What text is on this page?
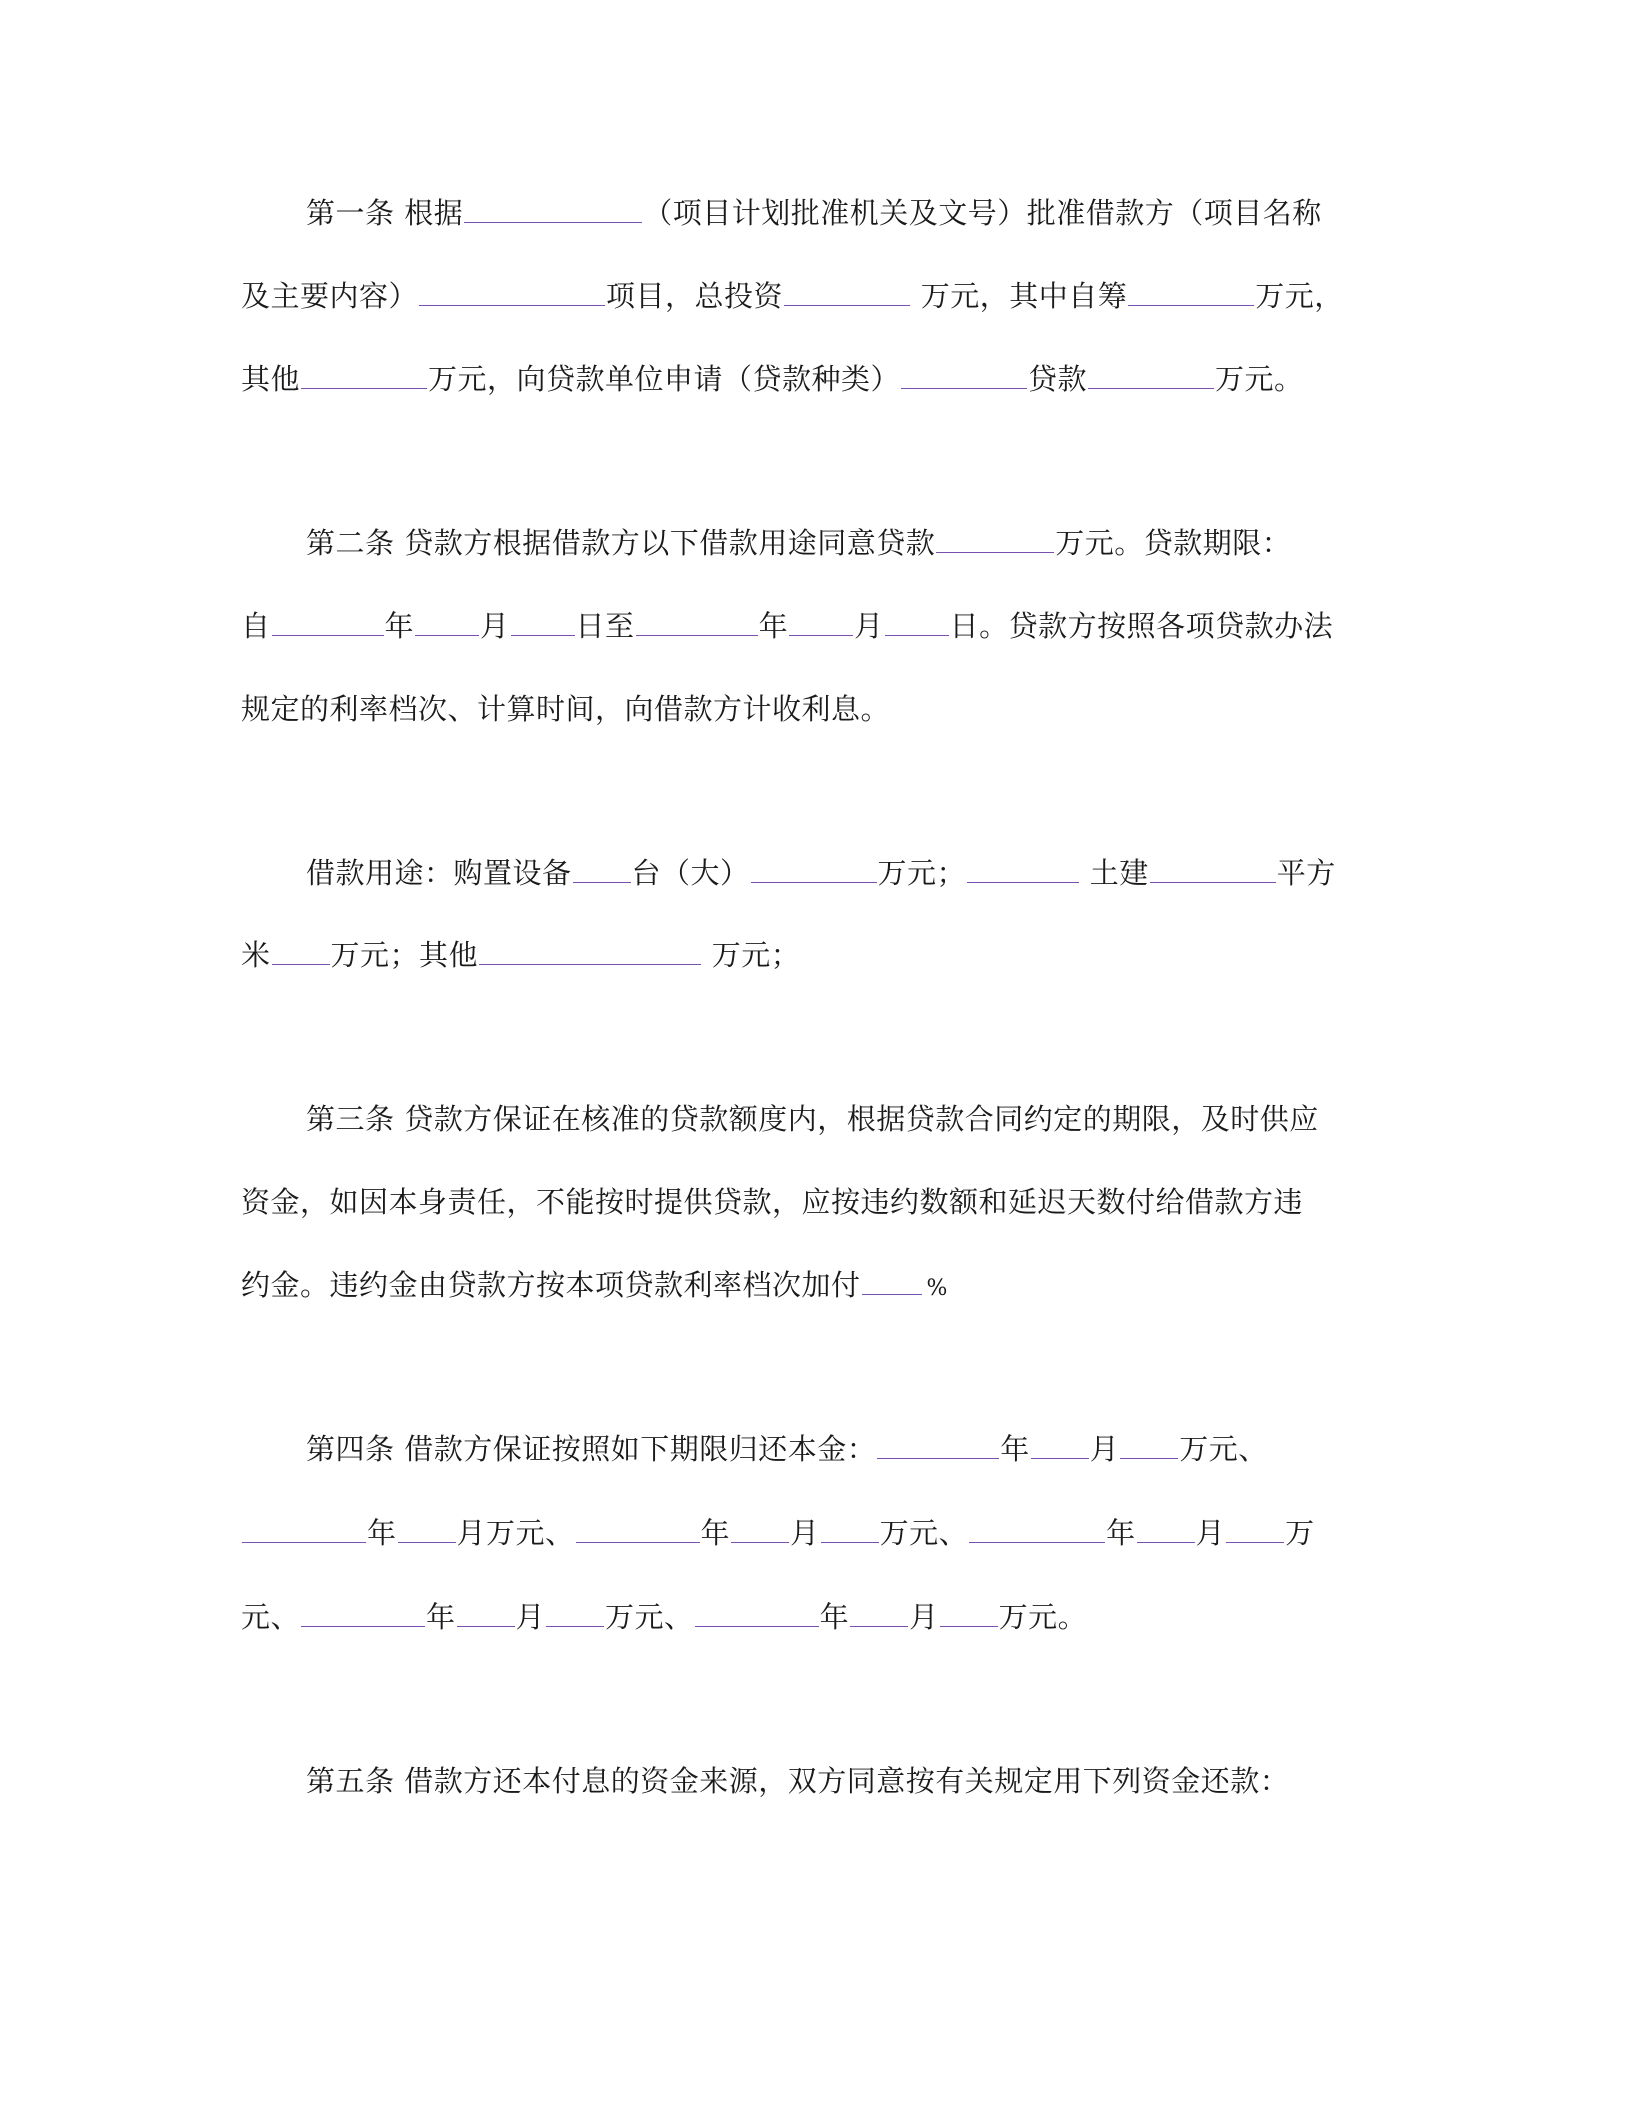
第一条 根据	（项目计划批准机关及文号）批准借款方（项目名称
及主要内容）	项目，总投资	万元，其中自筹	万元，
其他	万元，向贷款单位申请（贷款种类）	贷款	万元。
第二条 贷款方根据借款方以下借款用途同意贷款	万元。贷款期限：
自	年 月 日至	年 月 日。贷款方按照各项贷款办法
规定的利率档次、计算时间，向借款方计收利息。
借款用途：购置设备 台（大）	万元；	土建	平方
米 万元；其他	万元；
第三条 贷款方保证在核准的贷款额度内，根据贷款合同约定的期限，及时供应
资金，如因本身责任，不能按时提供贷款，应按违约数额和延迟天数付给借款方违
约金。违约金由贷款方按本项贷款利率档次加付	%
第四条 借款方保证按照如下期限归还本金：	年 月 万元、
年 月万元、	年 月 万元、	年 月 万
元、	年 月 万元、	年 月 万元。
第五条 借款方还本付息的资金来源，双方同意按有关规定用下列资金还款：
